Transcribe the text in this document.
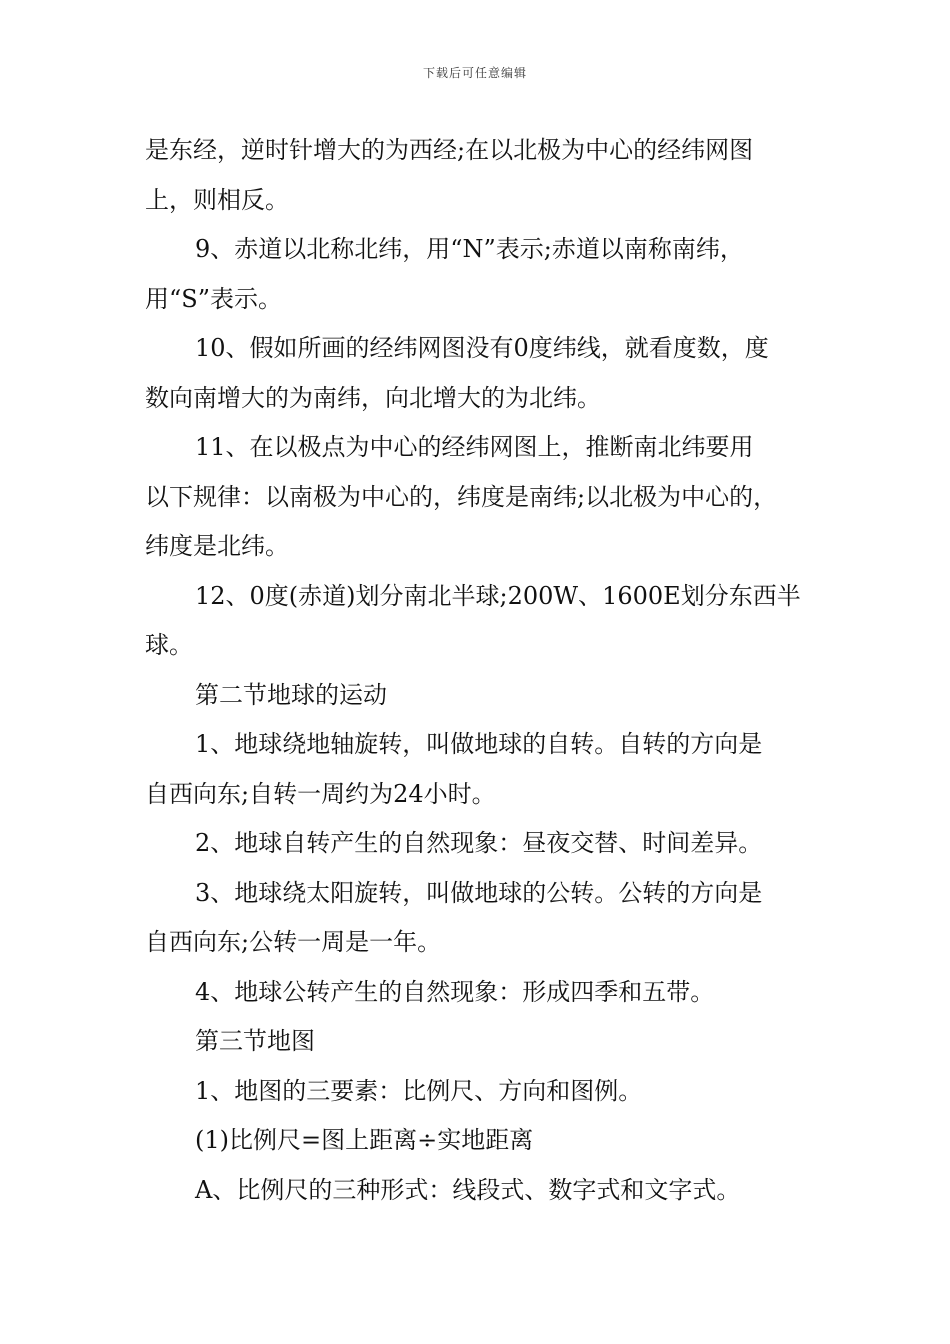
下载后可任意编辑
是东经，逆时针增大的为西经;在以北极为中心的经纬网图
上，则相反。
9、赤道以北称北纬，用“N”表示;赤道以南称南纬，
用“S”表示。
10、假如所画的经纬网图没有0度纬线，就看度数，度
数向南增大的为南纬，向北增大的为北纬。
11、在以极点为中心的经纬网图上，推断南北纬要用
以下规律：以南极为中心的，纬度是南纬;以北极为中心的，
纬度是北纬。
12、0度(赤道)划分南北半球;200W、1600E划分东西半
球。
第二节地球的运动
1、地球绕地轴旋转，叫做地球的自转。自转的方向是
自西向东;自转一周约为24小时。
2、地球自转产生的自然现象：昼夜交替、时间差异。
3、地球绕太阳旋转，叫做地球的公转。公转的方向是
自西向东;公转一周是一年。
4、地球公转产生的自然现象：形成四季和五带。
第三节地图
1、地图的三要素：比例尺、方向和图例。
(1)比例尺=图上距离÷实地距离
A、比例尺的三种形式：线段式、数字式和文字式。
